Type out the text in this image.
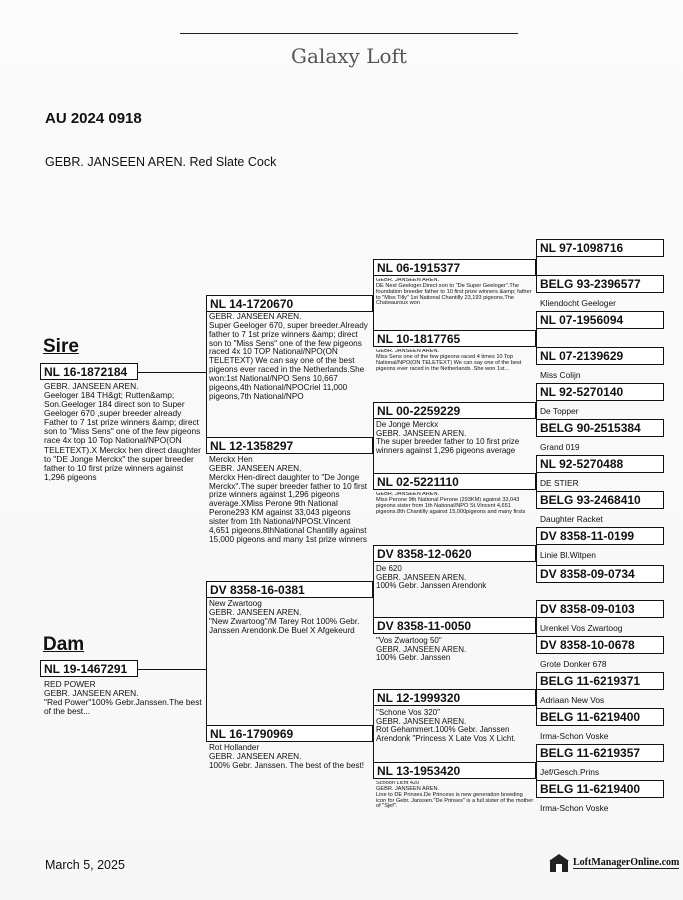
Galaxy Loft
AU 2024 0918
GEBR. JANSEEN AREN. Red Slate Cock
Sire
NL 16-1872184
GEBR. JANSEEN AREN.
Geeloger 184 TH&gt; Rutten&amp; Son.Geeloger 184 direct son to Super Geeloger 670 ,super breeder already Father to 7 1st prize winners &amp; direct son to "Miss Sens" one of the few pigeons race 4x top 10 Top National/NPO(ON TELETEXT).X Merckx hen direct daughter to "DE Jonge Merckx" the super breeder father to 10 first prize winners against 1,296 pigeons
Dam
NL 19-1467291
RED POWER
GEBR. JANSEEN AREN.
"Red Power"100% Gebr.Janssen.The best of the best...
NL 14-1720670
GEBR. JANSEEN AREN.
Super Geeloger 670, super breeder.Already father to 7 1st prize winners &amp; direct son to "Miss Sens" one of the few pigeons raced 4x 10 TOP National/NPO(ON TELETEXT) We can say one of the best pigeons ever raced in the Netherlands.She won:1st National/NPO Sens 10,667 pigeons,4th National/NPOCriel 11,000 pigeons,7th National/NPO
NL 12-1358297
Merckx Hen
GEBR. JANSEEN AREN.
Merckx Hen-direct daughter to "De Jonge Merckx".The super breeder father to 10 first prize winners against 1,296 pigeons average.XMiss Perone 9th National Perone293 KM against 33,043 pigeons sister from 1th National/NPOSt.Vincent 4,651 pigeons.8thNational Chantilly against 15,000 pigeons and many 1st prize winners
DV 8358-16-0381
New Zwartoog
GEBR. JANSEEN AREN.
"New Zwartoog"/M Tarey Rot 100% Gebr. Janssen Arendonk.De Buel X Afgekeurd
NL 16-1790969
Rot Hollander
GEBR. JANSEEN AREN.
100% Gebr. Janssen. The best of the best!
NL 06-1915377
GEBR. JANSEEN AREN.
DE Next Geeloger.Direct son to "De Super Geeloger".The foundation breeder father to 10 first prize winners &amp; father to "Miss Tilly" 1st National Chantilly 23,193 pigeons.The Chateauroux won
NL 10-1817765
GEBR. JANSEEN AREN.
Miss Sens one of the few pigeons raced 4 times 10 Top National/NPO(ON TELETEXT) We can say one of the best pigeons ever raced in the Netherlands .She won 1st...
NL 00-2259229
De Jonge Merckx
GEBR. JANSEEN AREN.
The super breeder father to 10 first prize winners against 1,296 pigeons average
NL 02-5221110
GEBR. JANSEEN AREN.
Miss Perone 9th National Perone (293KM) against 33,043 pigeons sister from 1th National/NPO St.Vincent 4,651 pigeons.8th Chantilly against 15,000pigeons and many firsts
DV 8358-12-0620
De 620
GEBR. JANSEEN AREN.
100% Gebr. Janssen Arendonk
DV 8358-11-0050
"Vos Zwartoog 50"
GEBR. JANSEEN AREN.
100% Gebr. Janssen
NL 12-1999320
"Schone Vos 320"
GEBR. JANSEEN AREN.
Rot Gehammert.100% Gebr. Janssen Arendonk "Princess X Late Vos X Licht.
NL 13-1953420
Schoon Licht 420
GEBR. JANSEEN AREN.
Line to DE Prinses.De Princess is new generation breeding icon for Gebr. Janssen."De Prinses" is a full sister of the mother of "Sjef".
NL 97-1098716
BELG 93-2396577
Kliendocht Geeloger
NL 07-1956094
NL 07-2139629
Miss Colijn
NL 92-5270140
De Topper
BELG 90-2515384
Grand 019
NL 92-5270488
DE STIER
BELG 93-2468410
Daughter Racket
DV 8358-11-0199
Linie Bl.Witpen
DV 8358-09-0734
DV 8358-09-0103
Urenkel Vos Zwartoog
DV 8358-10-0678
Grote Donker 678
BELG 11-6219371
Adriaan New Vos
BELG 11-6219400
Irma-Schon Voske
BELG 11-6219357
Jef/Gesch.Prins
BELG 11-6219400
Irma-Schon Voske
March 5, 2025	LoftManagerOnline.com
